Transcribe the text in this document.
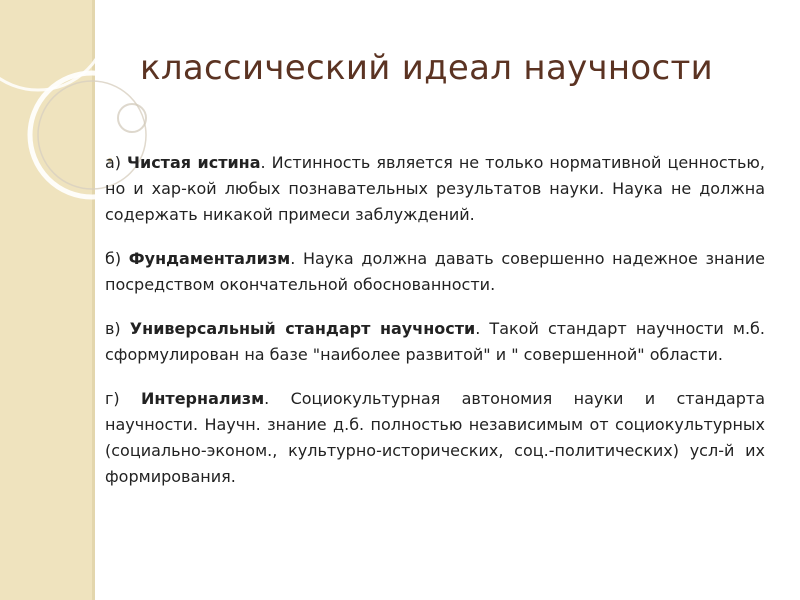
классический идеал научности

а) Чистая истина. Истинность является не только нормативной ценностью, но и хар-кой любых познавательных результатов науки. Наука не должна содержать никакой примеси заблуждений.

б) Фундаментализм. Наука должна давать совершенно надежное знание посредством окончательной обоснованности.

в) Универсальный стандарт научности. Такой стандарт научности м.б. сформулирован на базе "наиболее развитой" и " совершенной" области.

г) Интернализм. Социокультурная автономия науки и стандарта научности. Научн. знание д.б. полностью независимым от социокультурных (социально-эконом., культурно-исторических, соц.-политических) усл-й их формирования.
